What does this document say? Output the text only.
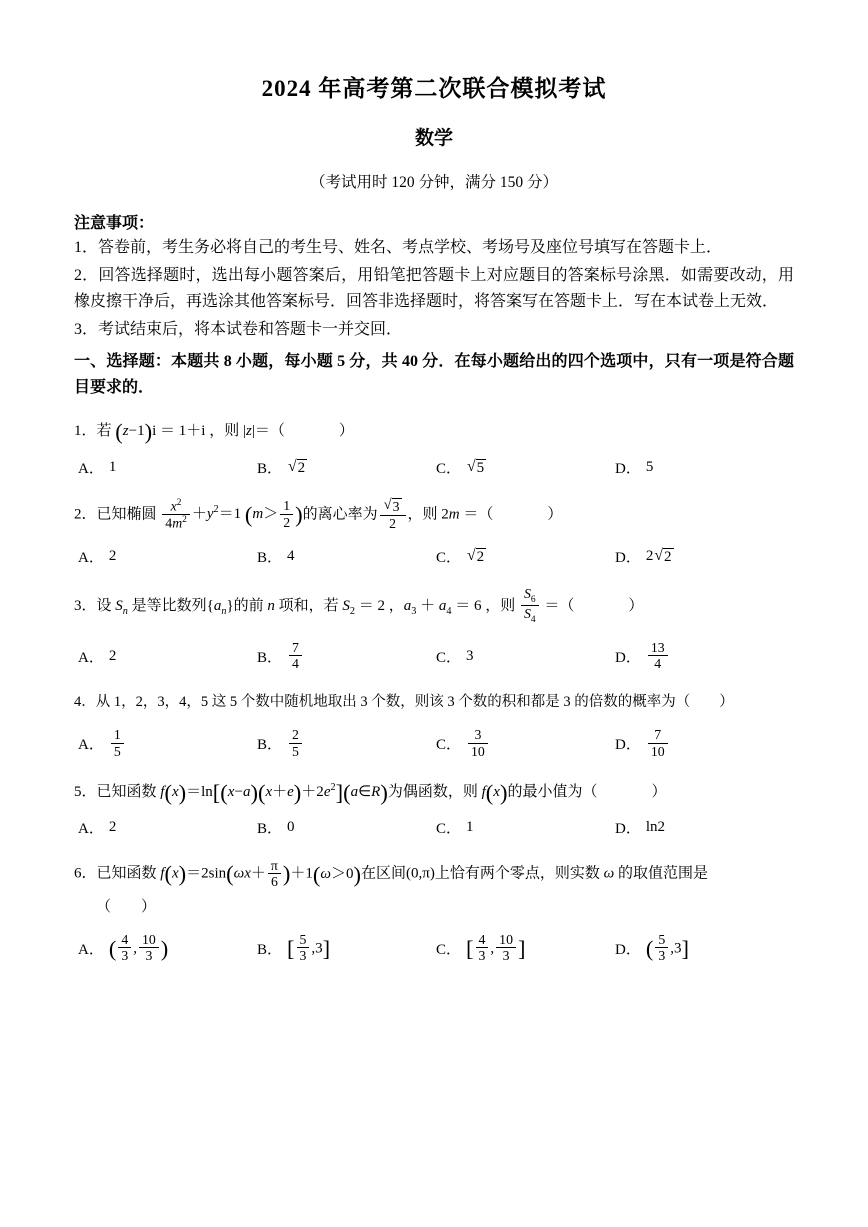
2024 年高考第二次联合模拟考试
数学
（考试用时 120 分钟，满分 150 分）
注意事项：
1．答卷前，考生务必将自己的考生号、姓名、考点学校、考场号及座位号填写在答题卡上．
2．回答选择题时，选出每小题答案后，用铅笔把答题卡上对应题目的答案标号涂黑．如需要改动，用橡皮擦干净后，再选涂其他答案标号．回答非选择题时，将答案写在答题卡上．写在本试卷上无效．
3．考试结束后，将本试卷和答题卡一并交回．
一、选择题：本题共 8 小题，每小题 5 分，共 40 分．在每小题给出的四个选项中，只有一项是符合题目要求的．
1．若 (z−1)i ＝ 1＋i ，则 |z|＝（	）
A． 1	B． √ 2	C． √ 5	D． 5
2．已知椭圆 $\frac{x^2}{4m^2} +y^2=1$ ($m> \frac{1}{2}$ )的离心率为 $\frac{√ 3}{2}$ ，则 2m ＝（	）
A． 2	B． 4	C． √ 2	D． 2 √ 2
3．设 $S_n$ 是等比数列$\{a_n\}$的前 n 项和，若 $S_2 = 2$ ，$a_3 + a_4 = 6$ ，则 $\frac{S_6}{S_4}$ ＝（	）
A． 2	B． $\frac{7}{4}$	C． 3	D． $\frac{13}{4}$
4．从 1，2，3，4，5 这 5 个数中随机地取出 3 个数，则该 3 个数的积和都是 3 的倍数的概率为（　　）
A． $\frac{1}{5}$	B． $\frac{2}{5}$	C． $\frac{3}{10}$	D． $\frac{7}{10}$
5．已知函数 $f(x)=\ln[(x-a)(x+e)+2e^2](a\in R)$为偶函数，则 f(x)的最小值为（	）
A． 2	B． 0	C． 1	D． ln2
6．已知函数 $f(x)=2\sin(\omega x+ \frac{\pi}{6} )+1(\omega>0)$在区间(0,π)上恰有两个零点，则实数 ω 的取值范围是
（　　）
A． ( $\frac{4}{3}$ , $\frac{10}{3}$ )	B． [ $\frac{5}{3} ,3$]	C． [ $\frac{4}{3}$ , $\frac{10}{3}$ ]	D． ( $\frac{5}{3} ,3$]
